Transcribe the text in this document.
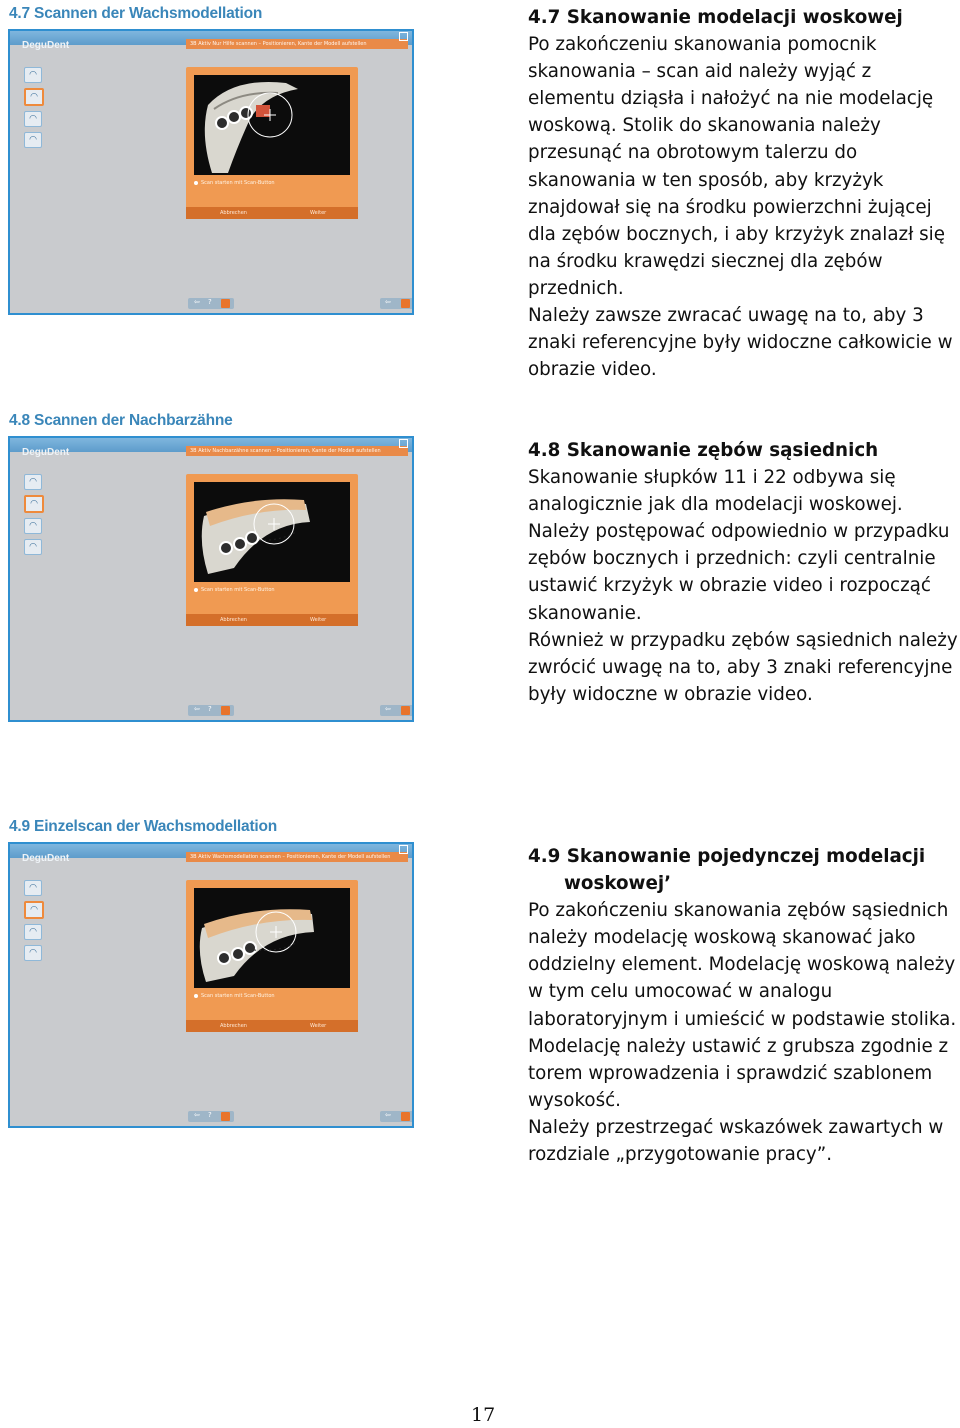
4.7 Scannen der Wachsmodellation
DeguDent	3B Aktiv Nur Hilfe scannen – Positionieren, Kante der Modell aufstellen
◠
◠
◠
◠
Scan starten mit Scan-Button
Abbrechen	Weiter
⇦ ?	⇦

4.7 Skanowanie modelacji woskowej

Po zakończeniu skanowania pomocnik skanowania – scan aid należy wyjąć z elementu dziąsła i nałożyć na nie modelację woskową. Stolik do skanowania należy przesunąć na obrotowym talerzu do skanowania w ten sposób, aby krzyżyk znajdował się na środku powierzchni żującej dla zębów bocznych, i aby krzyżyk znalazł się na środku krawędzi siecznej dla zębów przednich.

Należy zawsze zwracać uwagę na to, aby 3 znaki referencyjne były widoczne całkowicie w obrazie video.

4.8 Scannen der Nachbarzähne
DeguDent	3B Aktiv Nachbarzähne scannen – Positionieren, Kante der Modell aufstellen
◠
◠
◠
◠
Scan starten mit Scan-Button
Abbrechen	Weiter
⇦ ?	⇦

4.8 Skanowanie zębów sąsiednich

Skanowanie słupków 11 i 22 odbywa się analogicznie jak dla modelacji woskowej. Należy postępować odpowiednio w przypadku zębów bocznych i przednich: czyli centralnie ustawić krzyżyk w obrazie video i rozpocząć skanowanie.

Również w przypadku zębów sąsiednich należy zwrócić uwagę na to, aby 3 znaki referencyjne były widoczne w obrazie video.

4.9 Einzelscan der Wachsmodellation
DeguDent	3B Aktiv Wachsmodellation scannen – Positionieren, Kante der Modell aufstellen
◠
◠
◠
◠
Scan starten mit Scan-Button
Abbrechen	Weiter
⇦ ?	⇦

4.9 Skanowanie pojedynczej modelacji

woskowej’

Po zakończeniu skanowania zębów sąsiednich należy modelację woskową skanować jako oddzielny element. Modelację woskową należy w tym celu umocować w analogu laboratoryjnym i umieścić w podstawie stolika. Modelację należy ustawić z grubsza zgodnie z torem wprowadzenia i sprawdzić szablonem wysokość.

Należy przestrzegać wskazówek zawartych w rozdziale „przygotowanie pracy”.

17
